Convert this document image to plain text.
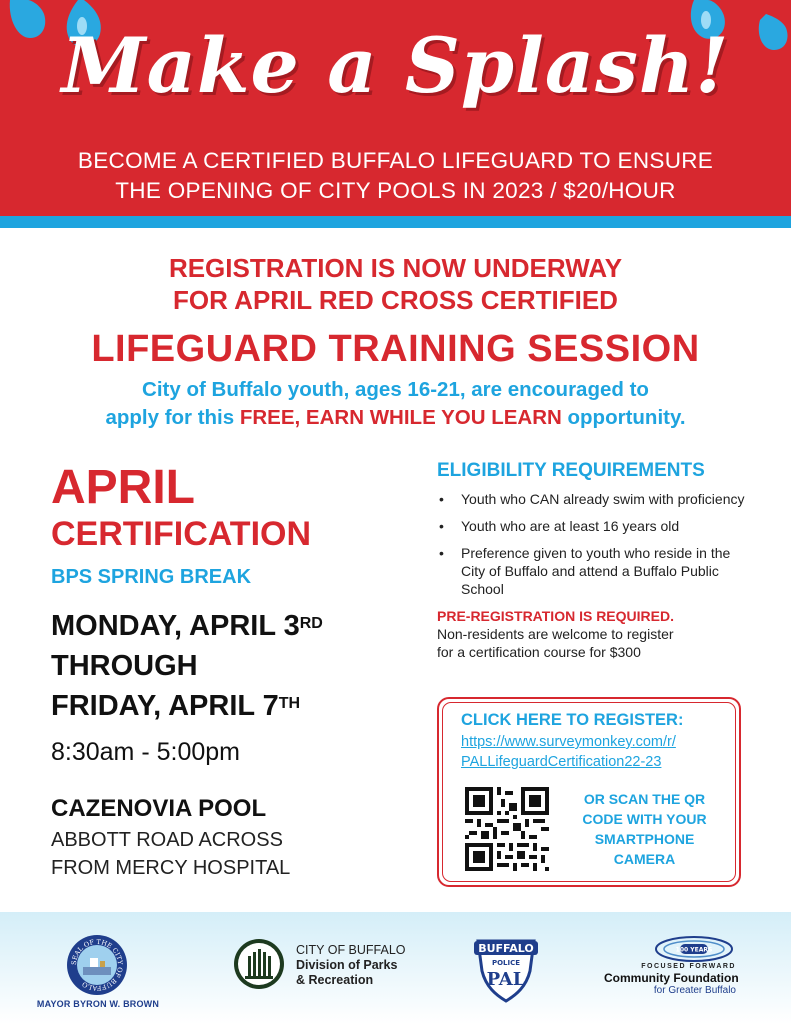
Make a Splash!
BECOME A CERTIFIED BUFFALO LIFEGUARD TO ENSURE
THE OPENING OF CITY POOLS IN 2023 / $20/HOUR
REGISTRATION IS NOW UNDERWAY
FOR APRIL RED CROSS CERTIFIED
LIFEGUARD TRAINING SESSION
City of Buffalo youth, ages 16-21, are encouraged to
apply for this FREE, EARN WHILE YOU LEARN opportunity.

APRIL

CERTIFICATION

BPS SPRING BREAK

MONDAY, APRIL 3RD
THROUGH
FRIDAY, APRIL 7TH

8:30am - 5:00pm

CAZENOVIA POOL

ABBOTT ROAD ACROSS
FROM MERCY HOSPITAL

ELIGIBILITY REQUIREMENTS

• Youth who CAN already swim with proficiency
• Youth who are at least 16 years old
• Preference given to youth who reside in the City of Buffalo and attend a Buffalo Public School

PRE-REGISTRATION IS REQUIRED.

Non-residents are welcome to register

for a certification course for $300

CLICK HERE TO REGISTER:

https://www.surveymonkey.com/r/
PALLifeguardCertification22-23
OR SCAN THE QR
CODE WITH YOUR
SMARTPHONE
CAMERA
SEAL OF THE CITY OF BUFFALO

MAYOR BYRON W. BROWN

CITY OF BUFFALO
Division of Parks
& Recreation
BUFFALO
POLICE
PAL
100 YEARS
FOCUSED FORWARD
Community Foundation
for Greater Buffalo
